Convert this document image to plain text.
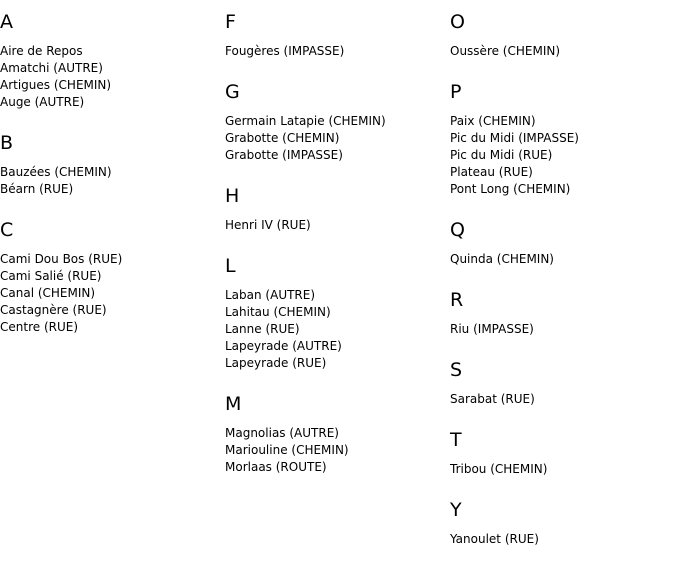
A
Aire de Repos
Amatchi (AUTRE)
Artigues (CHEMIN)
Auge (AUTRE)
B
Bauzées (CHEMIN)
Béarn (RUE)
C
Cami Dou Bos (RUE)
Cami Salié (RUE)
Canal (CHEMIN)
Castagnère (RUE)
Centre (RUE)
F
Fougères (IMPASSE)
G
Germain Latapie (CHEMIN)
Grabotte (CHEMIN)
Grabotte (IMPASSE)
H
Henri IV (RUE)
L
Laban (AUTRE)
Lahitau (CHEMIN)
Lanne (RUE)
Lapeyrade (AUTRE)
Lapeyrade (RUE)
M
Magnolias (AUTRE)
Mariouline (CHEMIN)
Morlaas (ROUTE)
O
Oussère (CHEMIN)
P
Paix (CHEMIN)
Pic du Midi (IMPASSE)
Pic du Midi (RUE)
Plateau (RUE)
Pont Long (CHEMIN)
Q
Quinda (CHEMIN)
R
Riu (IMPASSE)
S
Sarabat (RUE)
T
Tribou (CHEMIN)
Y
Yanoulet (RUE)
